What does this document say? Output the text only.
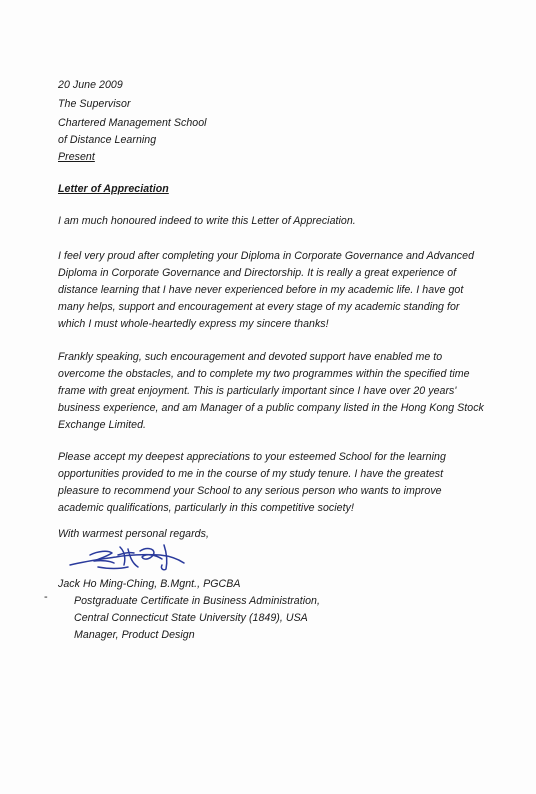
20 June 2009

The Supervisor

Chartered Management School

of Distance Learning

Present

Letter of Appreciation

I am much honoured indeed to write this Letter of Appreciation.

I feel very proud after completing your Diploma in Corporate Governance and Advanced

Diploma in Corporate Governance and Directorship. It is really a great experience of

distance learning that I have never experienced before in my academic life. I have got

many helps, support and encouragement at every stage of my academic standing for

which I must whole-heartedly express my sincere thanks!

Frankly speaking, such encouragement and devoted support have enabled me to

overcome the obstacles, and to complete my two programmes within the specified time

frame with great enjoyment. This is particularly important since I have over 20 years'

business experience, and am Manager of a public company listed in the Hong Kong Stock

Exchange Limited.

Please accept my deepest appreciations to your esteemed School for the learning

opportunities provided to me in the course of my study tenure. I have the greatest

pleasure to recommend your School to any serious person who wants to improve

academic qualifications, particularly in this competitive society!

With warmest personal regards,

Jack Ho Ming-Ching, B.Mgnt., PGCBA

- Postgraduate Certificate in Business Administration,

Central Connecticut State University (1849), USA

Manager, Product Design
